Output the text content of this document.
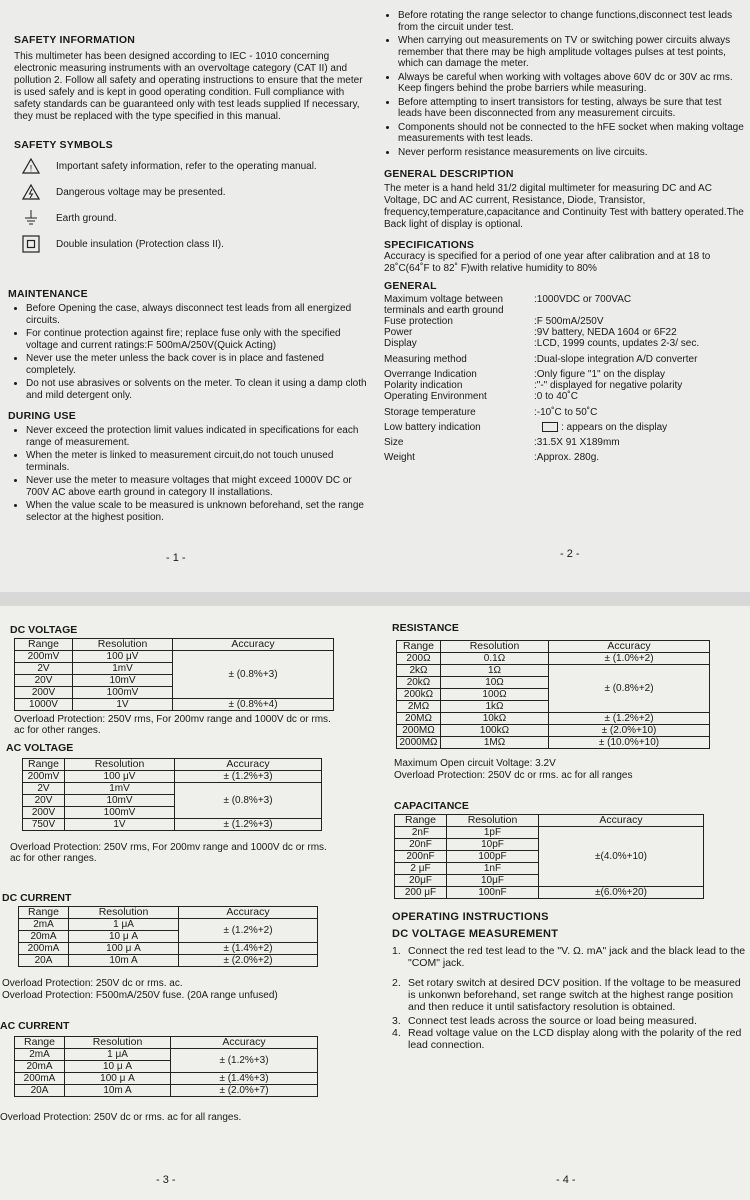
SAFETY INFORMATION
This multimeter has been designed according to IEC - 1010 concerning electronic measuring instruments with an overvoltage category (CAT II) and pollution 2. Follow all safety and operating instructions to ensure that the meter is used safely and is kept in good operating condition. Full compliance with safety standards can be guaranteed only with test leads supplied If necessary, they must be replaced with the type specified in this manual.
SAFETY SYMBOLS
! Important safety information, refer to the operating manual.
Dangerous voltage may be presented.
Earth ground.
Double insulation (Protection class II).
MAINTENANCE
• Before Opening the case, always disconnect test leads from all energized circuits.
• For continue protection against fire; replace fuse only with the specified voltage and current ratings:F 500mA/250V(Quick Acting)
• Never use the meter unless the back cover is in place and fastened completely.
• Do not use abrasives or solvents on the meter. To clean it using a damp cloth and mild detergent only.
DURING USE
• Never exceed the protection limit values indicated in specifications for each range of measurement.
• When the meter is linked to measurement circuit,do not touch unused terminals.
• Never use the meter to measure voltages that might exceed 1000V DC or 700V AC above earth ground in category II installations.
• When the value scale to be measured is unknown beforehand, set the range selector at the highest position.
- 1 -
• Before rotating the range selector to change functions,disconnect test leads from the circuit under test.
• When carrying out measurements on TV or switching power circuits always remember that there may be high amplitude voltages pulses at test points, which can damage the meter.
• Always be careful when working with voltages above 60V dc or 30V ac rms. Keep fingers behind the probe barriers while measuring.
• Before attempting to insert transistors for testing, always be sure that test leads have been disconnected from any measurement circuits.
• Components should not be connected to the hFE socket when making voltage measurements with test leads.
• Never perform resistance measurements on live circuits.
GENERAL DESCRIPTION
The meter is a hand held 31/2 digital multimeter for measuring DC and AC Voltage, DC and AC current, Resistance, Diode, Transistor, frequency,temperature,capacitance and Continuity Test with battery operated.The Back light of display is optional.
SPECIFICATIONS
Accuracy is specified for a period of one year after calibration and at 18 to 28˚C(64˚F to 82˚ F)with relative humidity to 80%
GENERAL
Maximum voltage between terminals and earth ground
:1000VDC or 700VAC
Fuse protection	:F 500mA/250V
Power	:9V battery, NEDA 1604 or 6F22
Display	:LCD, 1999 counts, updates 2-3/ sec.
Measuring method	:Dual-slope integration A/D converter
Overrange Indication	:Only figure "1" on the display
Polarity indication	:"-" displayed for negative polarity
Operating Environment	:0 to 40˚C
Storage temperature	:-10˚C to 50˚C
Low battery indication	: appears on the display
Size	:31.5X 91 X189mm
Weight	:Approx. 280g.
- 2 -
DC VOLTAGE
Range	Resolution	Accuracy
200mV	100 μV	± (0.8%+3)
2V	1mV	
20V	10mV	
200V	100mV	
1000V	1V	± (0.8%+4)
Overload Protection: 250V rms, For 200mv range and 1000V dc or rms. ac for other ranges.
AC VOLTAGE
Range	Resolution	Accuracy
200mV	100 μV	± (1.2%+3)
2V	1mV	± (0.8%+3)
20V	10mV	
200V	100mV	
750V	1V	± (1.2%+3)
Overload Protection: 250V rms, For 200mv range and 1000V dc or rms. ac for other ranges.
DC CURRENT
Range	Resolution	Accuracy
2mA	1 μA	± (1.2%+2)
20mA	10 μ A	
200mA	100 μ A	± (1.4%+2)
20A	10m A	± (2.0%+2)
Overload Protection: 250V dc or rms. ac.
Overload Protection: F500mA/250V fuse. (20A range unfused)
AC CURRENT
Range	Resolution	Accuracy
2mA	1 μA	± (1.2%+3)
20mA	10 μ A	
200mA	100 μ A	± (1.4%+3)
20A	10m A	± (2.0%+7)
Overload Protection: 250V dc or rms. ac for all ranges.
- 3 -
RESISTANCE
Range	Resolution	Accuracy
200Ω	0.1Ω	± (1.0%+2)
2kΩ	1Ω	± (0.8%+2)
20kΩ	10Ω	
200kΩ	100Ω	
2MΩ	1kΩ	
20MΩ	10kΩ	± (1.2%+2)
200MΩ	100kΩ	± (2.0%+10)
2000MΩ	1MΩ	± (10.0%+10)
Maximum Open circuit Voltage: 3.2V
Overload Protection: 250V dc or rms. ac for all ranges
CAPACITANCE
Range	Resolution	Accuracy
2nF	1pF	±(4.0%+10)
20nF	10pF	
200nF	100pF	
2 μF	1nF	
20μF	10μF	
200 μF	100nF	±(6.0%+20)
OPERATING INSTRUCTIONS
DC VOLTAGE MEASUREMENT
1. Connect the red test lead to the "V. Ω. mA" jack and the black lead to the "COM" jack.
2. Set rotary switch at desired DCV position. If the voltage to be measured is unkonwn beforehand, set range switch at the highest range position and then reduce it until satisfactory resolution is obtained.
3. Connect test leads across the source or load being measured.
4. Read voltage value on the LCD display along with the polarity of the red lead connection.
- 4 -
